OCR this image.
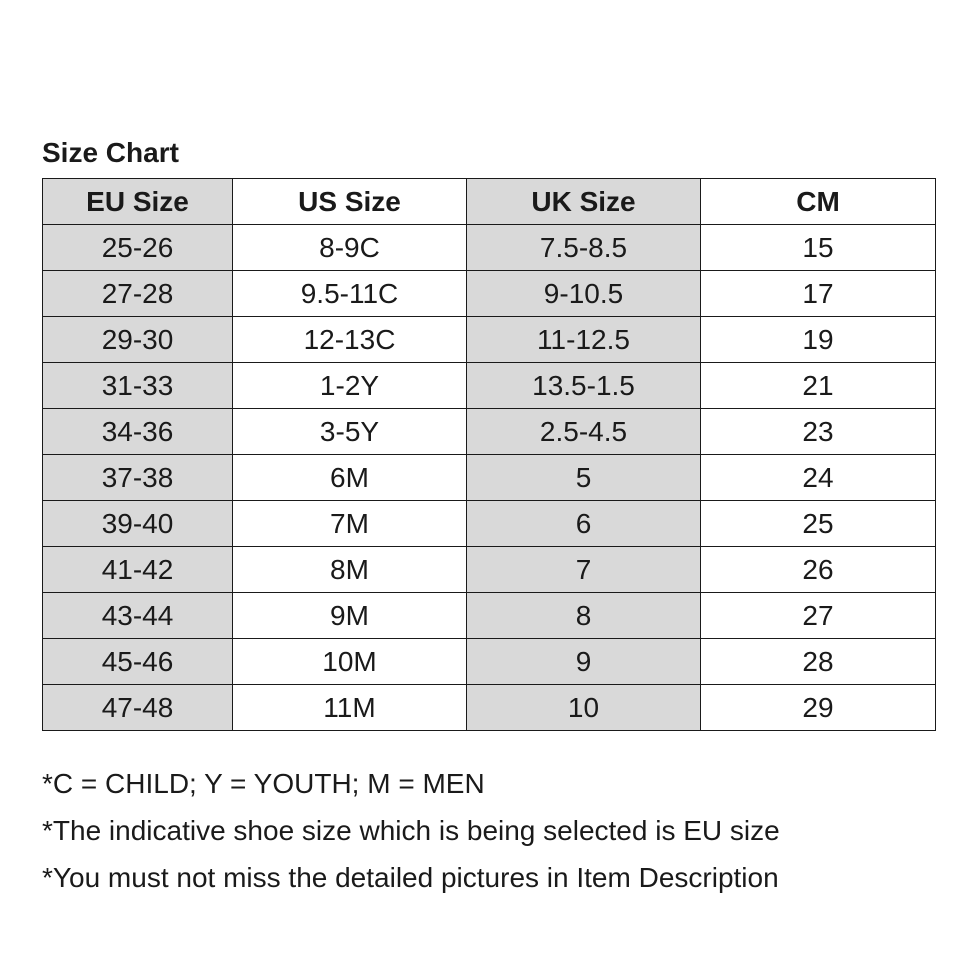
Size Chart
EU Size	US Size	UK Size	CM
25-26	8-9C	7.5-8.5	15
27-28	9.5-11C	9-10.5	17
29-30	12-13C	11-12.5	19
31-33	1-2Y	13.5-1.5	21
34-36	3-5Y	2.5-4.5	23
37-38	6M	5	24
39-40	7M	6	25
41-42	8M	7	26
43-44	9M	8	27
45-46	10M	9	28
47-48	11M	10	29
*C = CHILD; Y = YOUTH; M = MEN
*The indicative shoe size which is being selected is EU size
*You must not miss the detailed pictures in Item Description
